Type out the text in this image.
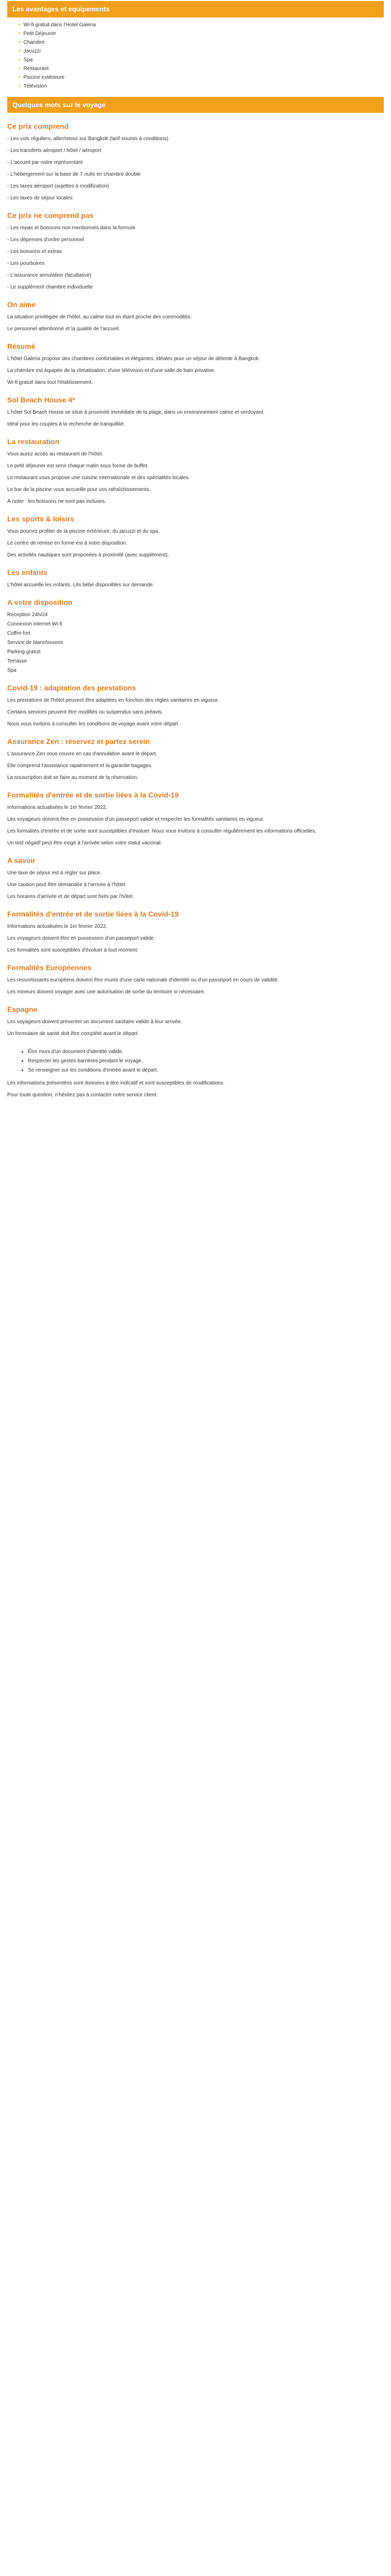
Les avantages et equipements
• Wi-fi gratuit dans l'Hotel Galeria
• Petit Déjeuner
• Chambre
• Jacuzzi
• Spa
• Restaurant
• Piscine extérieure
• Télévision
Quelques mots sur le voyage
Ce prix comprend

- Les vols réguliers, aller/retour sur Bangkok (tarif soumis à conditions)

- Les transferts aéroport / hôtel / aéroport

- L'accueil par notre représentant

- L'hébergement sur la base de 7 nuits en chambre double

- Les taxes aéroport (sujettes à modification)

- Les taxes de séjour locales

Ce prix ne comprend pas

- Les repas et boissons non mentionnés dans la formule

- Les dépenses d'ordre personnel

- Les boissons et extras

- Les pourboires

- L'assurance annulation (facultative)

- Le supplément chambre individuelle

On aime

La situation privilégiée de l'hôtel, au calme tout en étant proche des commodités.

Le personnel attentionné et la qualité de l'accueil.

Résumé

L'hôtel Galeria propose des chambres confortables et élégantes, idéales pour un séjour de détente à Bangkok.

La chambre est équipée de la climatisation, d'une télévision et d'une salle de bain privative.

Wi-fi gratuit dans tout l'établissement.

Sol Beach House 4*

L'hôtel Sol Beach House se situe à proximité immédiate de la plage, dans un environnement calme et verdoyant.

Idéal pour les couples à la recherche de tranquillité.

La restauration

Vous aurez accès au restaurant de l'hôtel.

Le petit déjeuner est servi chaque matin sous forme de buffet.

Le restaurant vous propose une cuisine internationale et des spécialités locales.

Le bar de la piscine vous accueille pour vos rafraîchissements.

À noter : les boissons ne sont pas incluses.

Les sports & loisirs

Vous pourrez profiter de la piscine extérieure, du jacuzzi et du spa.

Le centre de remise en forme est à votre disposition.

Des activités nautiques sont proposées à proximité (avec supplément).

Les enfants

L'hôtel accueille les enfants. Lits bébé disponibles sur demande.

A votre disposition

Réception 24h/24

Connexion internet Wi-fi

Coffre-fort

Service de blanchisserie

Parking gratuit

Terrasse

Spa

Covid-19 : adaptation des prestations

Les prestations de l'hôtel peuvent être adaptées en fonction des règles sanitaires en vigueur.

Certains services peuvent être modifiés ou suspendus sans préavis.

Nous vous invitons à consulter les conditions de voyage avant votre départ.

Assurance Zen : réservez et partez serein

L'assurance Zen vous couvre en cas d'annulation avant le départ.

Elle comprend l'assistance rapatriement et la garantie bagages.

La souscription doit se faire au moment de la réservation.

Formalités d'entrée et de sortie liées à la Covid-19

Informations actualisées le 1er février 2022.

Les voyageurs doivent être en possession d'un passeport valide et respecter les formalités sanitaires en vigueur.

Les formalités d'entrée et de sortie sont susceptibles d'évoluer. Nous vous invitons à consulter régulièrement les informations officielles.

Un test négatif peut être exigé à l'arrivée selon votre statut vaccinal.

A savoir

Une taxe de séjour est à régler sur place.

Une caution peut être demandée à l'arrivée à l'hôtel.

Les horaires d'arrivée et de départ sont fixés par l'hôtel.

Formalités d'entrée et de sortie liées à la Covid-19

Informations actualisées le 1er février 2022.

Les voyageurs doivent être en possession d'un passeport valide.

Les formalités sont susceptibles d'évoluer à tout moment.

Formalités Européennes

Les ressortissants européens doivent être munis d'une carte nationale d'identité ou d'un passeport en cours de validité.

Les mineurs doivent voyager avec une autorisation de sortie du territoire si nécessaire.

Espagne

Les voyageurs doivent présenter un document sanitaire valide à leur arrivée.

Un formulaire de santé doit être complété avant le départ.

• Être muni d'un document d'identité valide.
• Respecter les gestes barrières pendant le voyage.
• Se renseigner sur les conditions d'entrée avant le départ.

Les informations présentées sont données à titre indicatif et sont susceptibles de modifications.

Pour toute question, n'hésitez pas à contacter notre service client.
